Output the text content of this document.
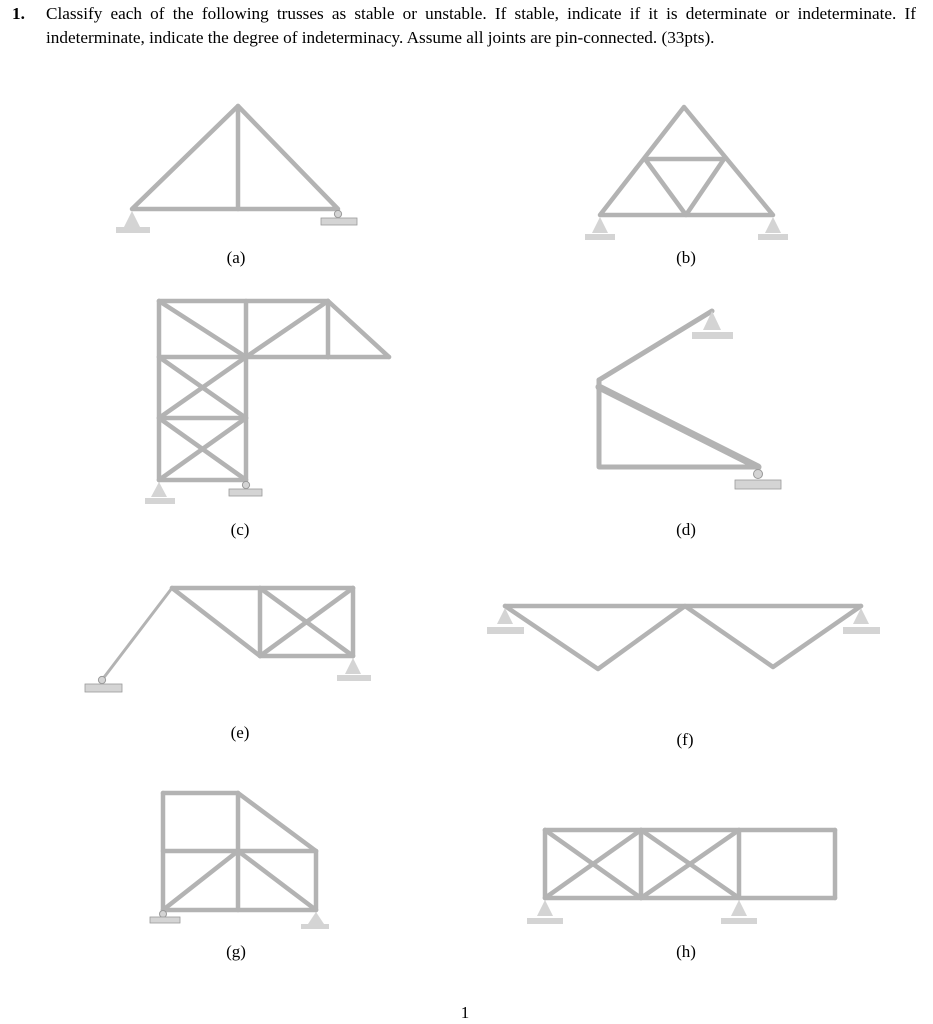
1. Classify each of the following trusses as stable or unstable. If stable, indicate if it is determinate or indeterminate. If indeterminate, indicate the degree of indeterminacy. Assume all joints are pin-connected. (33pts).
(a)	(b)
(c)	(d)
(e)	(f)
(g)	(h)
1
